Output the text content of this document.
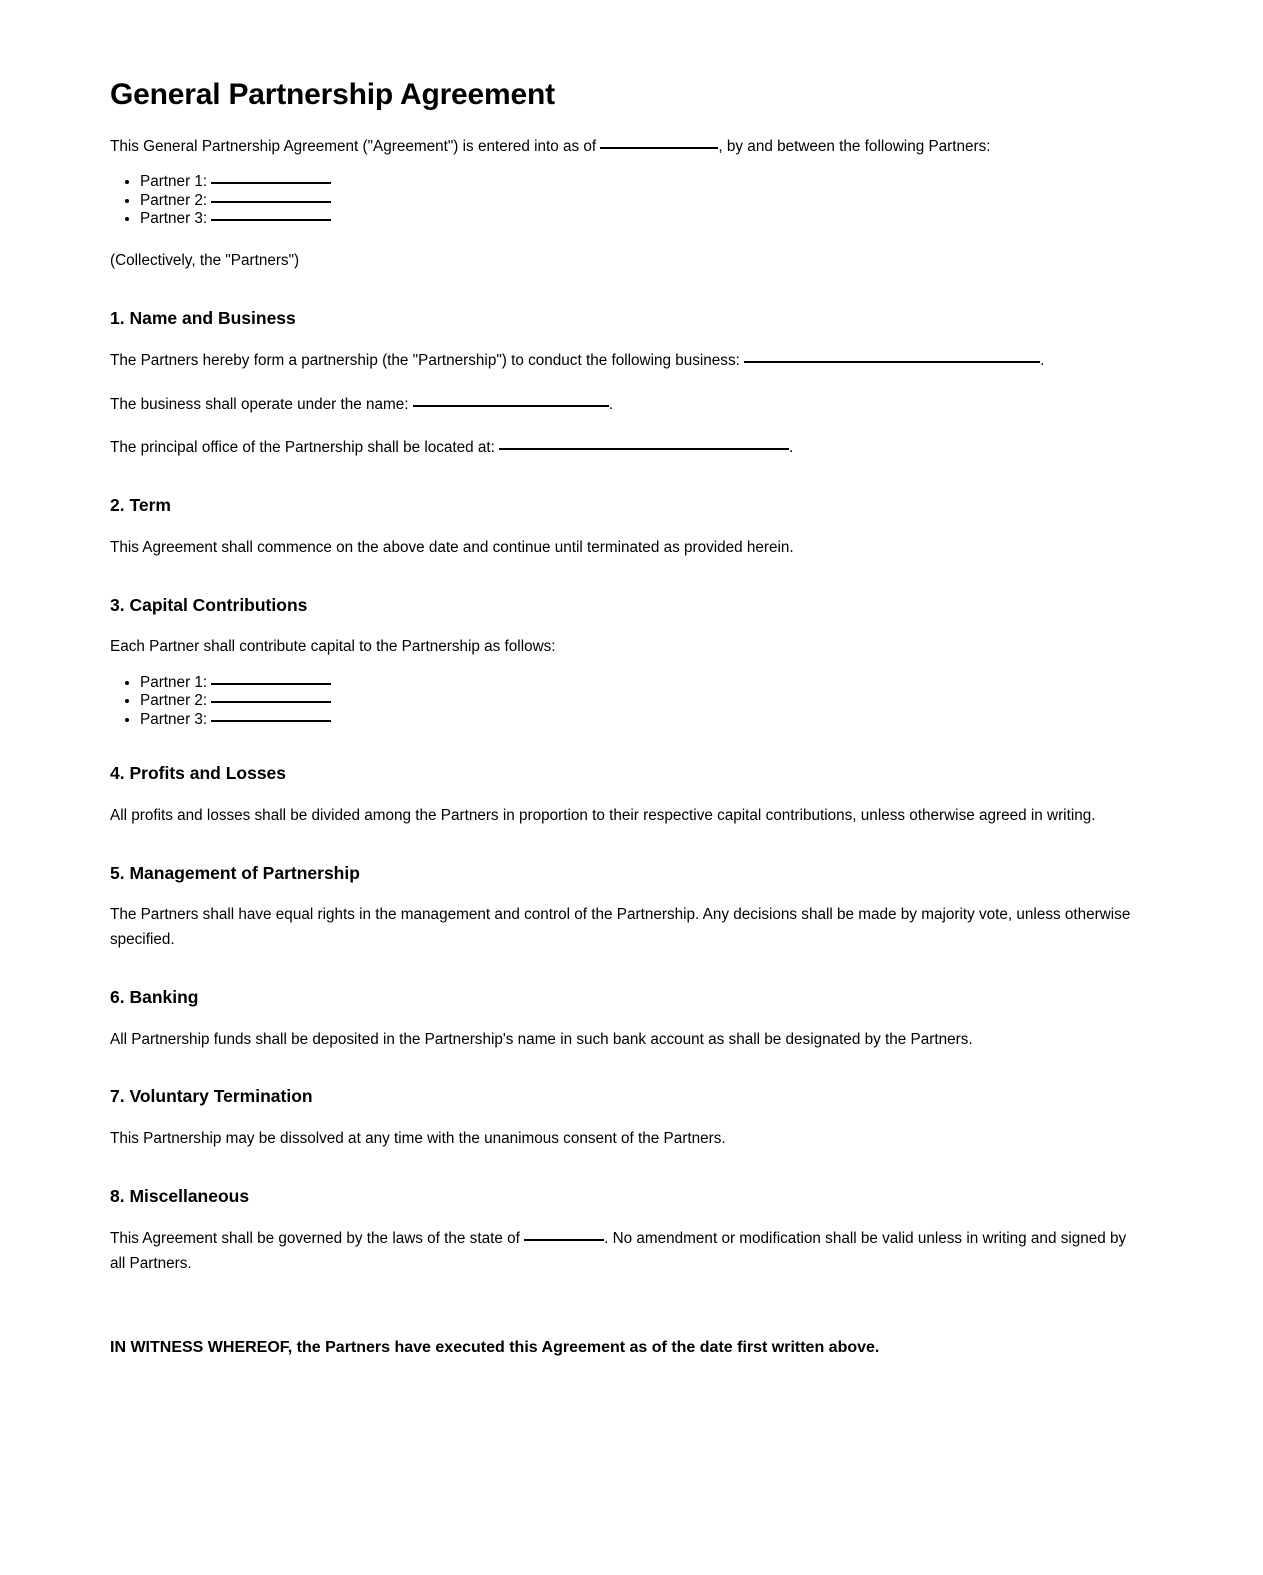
General Partnership Agreement

This General Partnership Agreement ("Agreement") is entered into as of	, by and between the following Partners:

• Partner 1:
• Partner 2:
• Partner 3:

(Collectively, the "Partners")

1. Name and Business

The Partners hereby form a partnership (the "Partnership") to conduct the following business:	.

The business shall operate under the name:	.

The principal office of the Partnership shall be located at:	.

2. Term

This Agreement shall commence on the above date and continue until terminated as provided herein.

3. Capital Contributions

Each Partner shall contribute capital to the Partnership as follows:

• Partner 1:
• Partner 2:
• Partner 3:
4. Profits and Losses

All profits and losses shall be divided among the Partners in proportion to their respective capital contributions, unless otherwise agreed in writing.

5. Management of Partnership

The Partners shall have equal rights in the management and control of the Partnership. Any decisions shall be made by majority vote, unless otherwise specified.

6. Banking

All Partnership funds shall be deposited in the Partnership's name in such bank account as shall be designated by the Partners.

7. Voluntary Termination

This Partnership may be dissolved at any time with the unanimous consent of the Partners.

8. Miscellaneous

This Agreement shall be governed by the laws of the state of	. No amendment or modification shall be valid unless in writing and signed by all Partners.

IN WITNESS WHEREOF, the Partners have executed this Agreement as of the date first written above.
